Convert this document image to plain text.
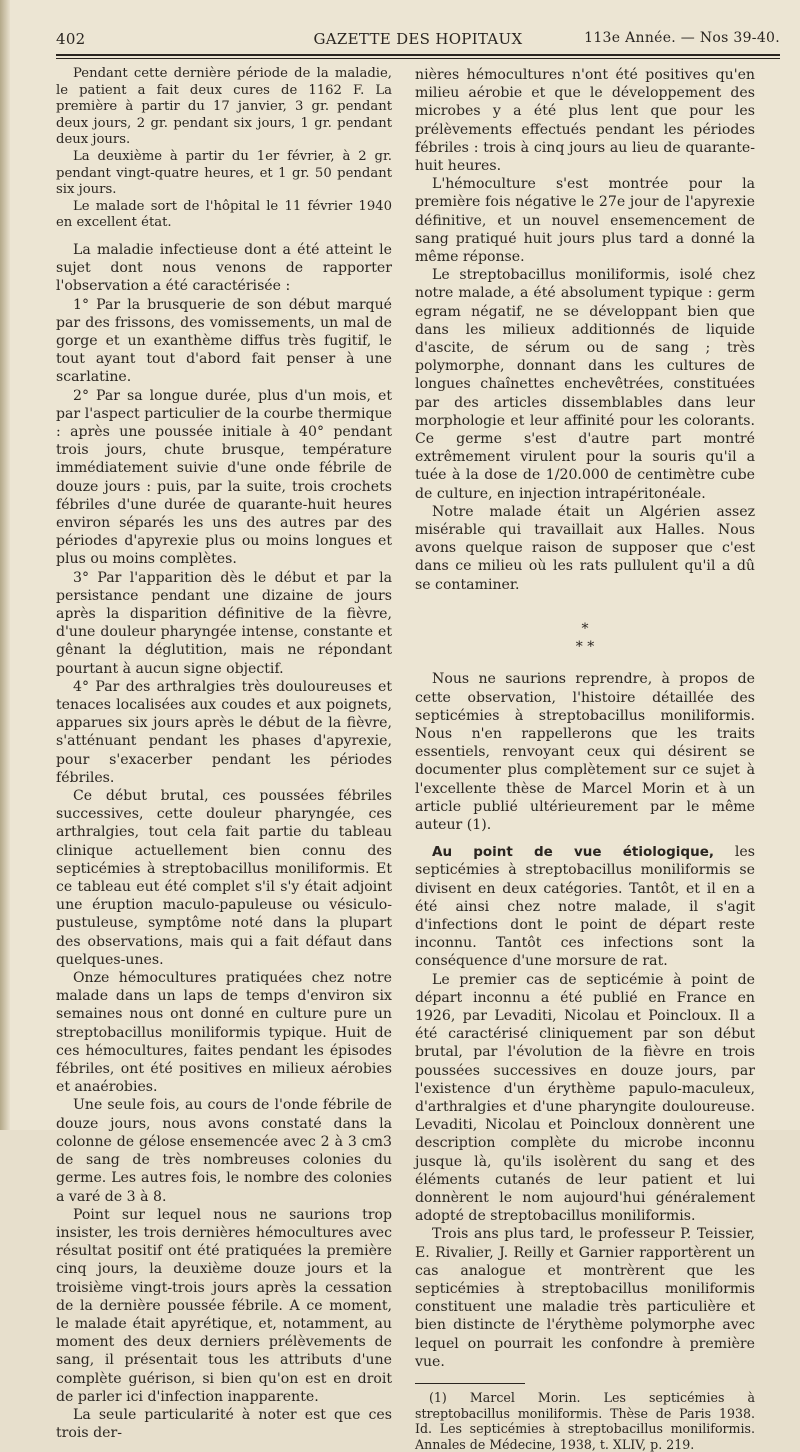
402	GAZETTE DES HOPITAUX	113e Année. — Nos 39-40.

Pendant cette dernière période de la maladie, le patient a fait deux cures de 1162 F. La première à partir du 17 janvier, 3 gr. pendant deux jours, 2 gr. pendant six jours, 1 gr. pendant deux jours.

La deuxième à partir du 1er février, à 2 gr. pendant vingt-quatre heures, et 1 gr. 50 pendant six jours.

Le malade sort de l'hôpital le 11 février 1940 en excellent état.

La maladie infectieuse dont a été atteint le sujet dont nous venons de rapporter l'observation a été caractérisée :

1° Par la brusquerie de son début marqué par des frissons, des vomissements, un mal de gorge et un exanthème diffus très fugitif, le tout ayant tout d'abord fait penser à une scarlatine.

2° Par sa longue durée, plus d'un mois, et par l'aspect particulier de la courbe thermique : après une poussée initiale à 40° pendant trois jours, chute brusque, température immédiatement suivie d'une onde fébrile de douze jours : puis, par la suite, trois crochets fébriles d'une durée de quarante-huit heures environ séparés les uns des autres par des périodes d'apyrexie plus ou moins longues et plus ou moins complètes.

3° Par l'apparition dès le début et par la persistance pendant une dizaine de jours après la disparition définitive de la fièvre, d'une douleur pharyngée intense, constante et gênant la déglutition, mais ne répondant pourtant à aucun signe objectif.

4° Par des arthralgies très douloureuses et tenaces localisées aux coudes et aux poignets, apparues six jours après le début de la fièvre, s'atténuant pendant les phases d'apyrexie, pour s'exacerber pendant les périodes fébriles.

Ce début brutal, ces poussées fébriles successives, cette douleur pharyngée, ces arthralgies, tout cela fait partie du tableau clinique actuellement bien connu des septicémies à streptobacillus moniliformis. Et ce tableau eut été complet s'il s'y était adjoint une éruption maculo-papuleuse ou vésiculo-pustuleuse, symptôme noté dans la plupart des observations, mais qui a fait défaut dans quelques-unes.

Onze hémocultures pratiquées chez notre malade dans un laps de temps d'environ six semaines nous ont donné en culture pure un streptobacillus moniliformis typique. Huit de ces hémocultures, faites pendant les épisodes fébriles, ont été positives en milieux aérobies et anaérobies.

Une seule fois, au cours de l'onde fébrile de douze jours, nous avons constaté dans la colonne de gélose ensemencée avec 2 à 3 cm3 de sang de très nombreuses colonies du germe. Les autres fois, le nombre des colonies a varé de 3 à 8.

Point sur lequel nous ne saurions trop insister, les trois dernières hémocultures avec résultat positif ont été pratiquées la première cinq jours, la deuxième douze jours et la troisième vingt-trois jours après la cessation de la dernière poussée fébrile. A ce moment, le malade était apyrétique, et, notamment, au moment des deux derniers prélèvements de sang, il présentait tous les attributs d'une complète guérison, si bien qu'on est en droit de parler ici d'infection inapparente.

La seule particularité à noter est que ces trois der-

nières hémocultures n'ont été positives qu'en milieu aérobie et que le développement des microbes y a été plus lent que pour les prélèvements effectués pendant les périodes fébriles : trois à cinq jours au lieu de quarante-huit heures.

L'hémoculture s'est montrée pour la première fois négative le 27e jour de l'apyrexie définitive, et un nouvel ensemencement de sang pratiqué huit jours plus tard a donné la même réponse.

Le streptobacillus moniliformis, isolé chez notre malade, a été absolument typique : germ egram négatif, ne se développant bien que dans les milieux additionnés de liquide d'ascite, de sérum ou de sang ; très polymorphe, donnant dans les cultures de longues chaînettes enchevêtrées, constituées par des articles dissemblables dans leur morphologie et leur affinité pour les colorants. Ce germe s'est d'autre part montré extrêmement virulent pour la souris qu'il a tuée à la dose de 1/20.000 de centimètre cube de culture, en injection intrapéritonéale.

Notre malade était un Algérien assez misérable qui travaillait aux Halles. Nous avons quelque raison de supposer que c'est dans ce milieu où les rats pullulent qu'il a dû se contaminer.

*
* *

Nous ne saurions reprendre, à propos de cette observation, l'histoire détaillée des septicémies à streptobacillus moniliformis. Nous n'en rappellerons que les traits essentiels, renvoyant ceux qui désirent se documenter plus complètement sur ce sujet à l'excellente thèse de Marcel Morin et à un article publié ultérieurement par le même auteur (1).

Au point de vue étiologique, les septicémies à streptobacillus moniliformis se divisent en deux catégories. Tantôt, et il en a été ainsi chez notre malade, il s'agit d'infections dont le point de départ reste inconnu. Tantôt ces infections sont la conséquence d'une morsure de rat.

Le premier cas de septicémie à point de départ inconnu a été publié en France en 1926, par Levaditi, Nicolau et Poincloux. Il a été caractérisé cliniquement par son début brutal, par l'évolution de la fièvre en trois poussées successives en douze jours, par l'existence d'un érythème papulo-maculeux, d'arthralgies et d'une pharyngite douloureuse. Levaditi, Nicolau et Poincloux donnèrent une description complète du microbe inconnu jusque là, qu'ils isolèrent du sang et des éléments cutanés de leur patient et lui donnèrent le nom aujourd'hui généralement adopté de streptobacillus moniliformis.

Trois ans plus tard, le professeur P. Teissier, E. Rivalier, J. Reilly et Garnier rapportèrent un cas analogue et montrèrent que les septicémies à streptobacillus moniliformis constituent une maladie très particulière et bien distincte de l'érythème polymorphe avec lequel on pourrait les confondre à première vue.

(1) Marcel Morin. Les septicémies à streptobacillus moniliformis. Thèse de Paris 1938. Id. Les septicémies à streptobacillus moniliformis. Annales de Médecine, 1938, t. XLIV, p. 219.
